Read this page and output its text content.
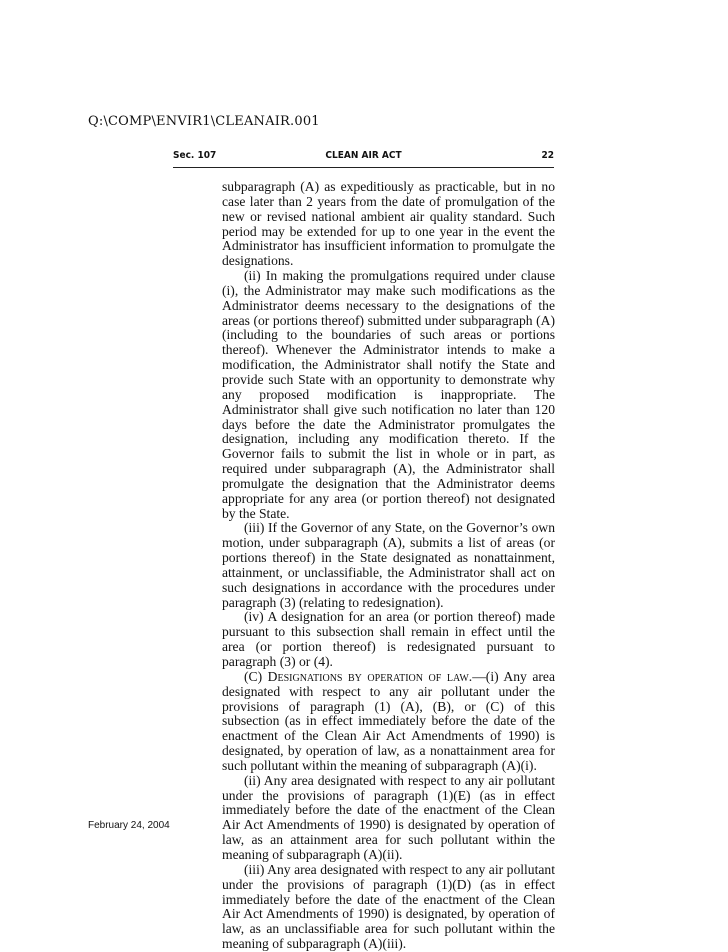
Q:\COMP\ENVIR1\CLEANAIR.001
CLEAN AIR ACT
Sec. 107	22

subparagraph (A) as expeditiously as practicable, but in no case later than 2 years from the date of promulgation of the new or revised national ambient air quality standard. Such period may be extended for up to one year in the event the Administrator has insufficient information to promulgate the designations.

(ii) In making the promulgations required under clause (i), the Administrator may make such modifications as the Administrator deems necessary to the designations of the areas (or portions thereof) submitted under subparagraph (A) (including to the boundaries of such areas or portions thereof). Whenever the Administrator intends to make a modification, the Administrator shall notify the State and provide such State with an opportunity to demonstrate why any proposed modification is inappropriate. The Administrator shall give such notification no later than 120 days before the date the Administrator promulgates the designation, including any modification thereto. If the Governor fails to submit the list in whole or in part, as required under subparagraph (A), the Administrator shall promulgate the designation that the Administrator deems appropriate for any area (or portion thereof) not designated by the State.

(iii) If the Governor of any State, on the Governor’s own motion, under subparagraph (A), submits a list of areas (or portions thereof) in the State designated as nonattainment, attainment, or unclassifiable, the Administrator shall act on such designations in accordance with the procedures under paragraph (3) (relating to redesignation).

(iv) A designation for an area (or portion thereof) made pursuant to this subsection shall remain in effect until the area (or portion thereof) is redesignated pursuant to paragraph (3) or (4).

(C) Designations by operation of law.—(i) Any area designated with respect to any air pollutant under the provisions of paragraph (1) (A), (B), or (C) of this subsection (as in effect immediately before the date of the enactment of the Clean Air Act Amendments of 1990) is designated, by operation of law, as a nonattainment area for such pollutant within the meaning of subparagraph (A)(i).

(ii) Any area designated with respect to any air pollutant under the provisions of paragraph (1)(E) (as in effect immediately before the date of the enactment of the Clean Air Act Amendments of 1990) is designated by operation of law, as an attainment area for such pollutant within the meaning of subparagraph (A)(ii).

(iii) Any area designated with respect to any air pollutant under the provisions of paragraph (1)(D) (as in effect immediately before the date of the enactment of the Clean Air Act Amendments of 1990) is designated, by operation of law, as an unclassifiable area for such pollutant within the meaning of subparagraph (A)(iii).

February 24, 2004
